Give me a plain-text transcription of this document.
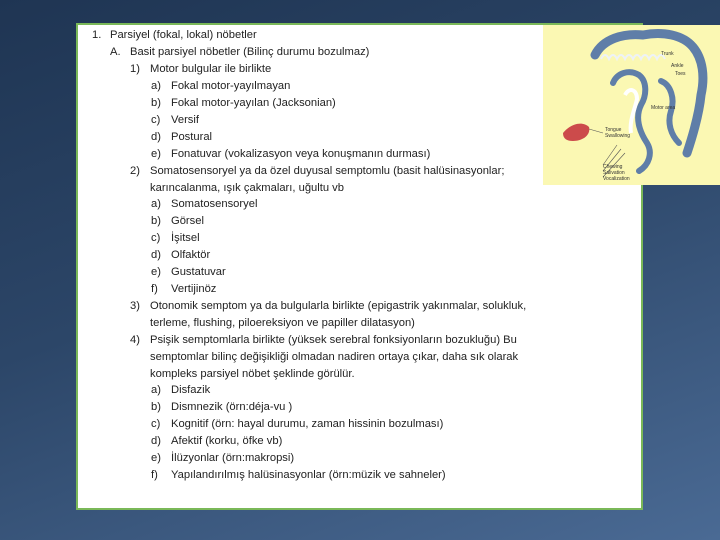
1. Parsiyel (fokal, lokal) nöbetler
A. Basit parsiyel nöbetler (Bilinç durumu bozulmaz)
1) Motor bulgular ile birlikte
a) Fokal motor-yayılmayan
b) Fokal motor-yayılan (Jacksonian)
c) Versif
d) Postural
e) Fonatuvar (vokalizasyon veya konuşmanın durması)
2) Somatosensoryel ya da özel duyusal semptomlu (basit halüsinasyonlar;
karıncalanma, ışık çakmaları, uğultu vb
a) Somatosensoryel
b) Görsel
c) İşitsel
d) Olfaktör
e) Gustatuvar
f) Vertijinöz
3) Otonomik semptom ya da bulgularla birlikte (epigastrik yakınmalar, solukluk,
terleme, flushing, piloereksiyon ve papiller dilatasyon)
4) Psişik semptomlarla birlikte (yüksek serebral fonksiyonların bozukluğu) Bu
semptomlar bilinç değişikliği olmadan nadiren ortaya çıkar, daha sık olarak
kompleks parsiyel nöbet şeklinde görülür.
a) Disfazik
b) Dismnezik (örn:déja-vu )
c) Kognitif (örn: hayal durumu, zaman hissinin bozulması)
d) Afektif (korku, öfke vb)
e) İlüzyonlar (örn:makropsi)
f) Yapılandırılmış halüsinasyonlar (örn:müzik ve sahneler)
Motor area
Tongue
Swallowing
Chewing
Salivation
Vocalization
Trunk
Ankle
Toes
